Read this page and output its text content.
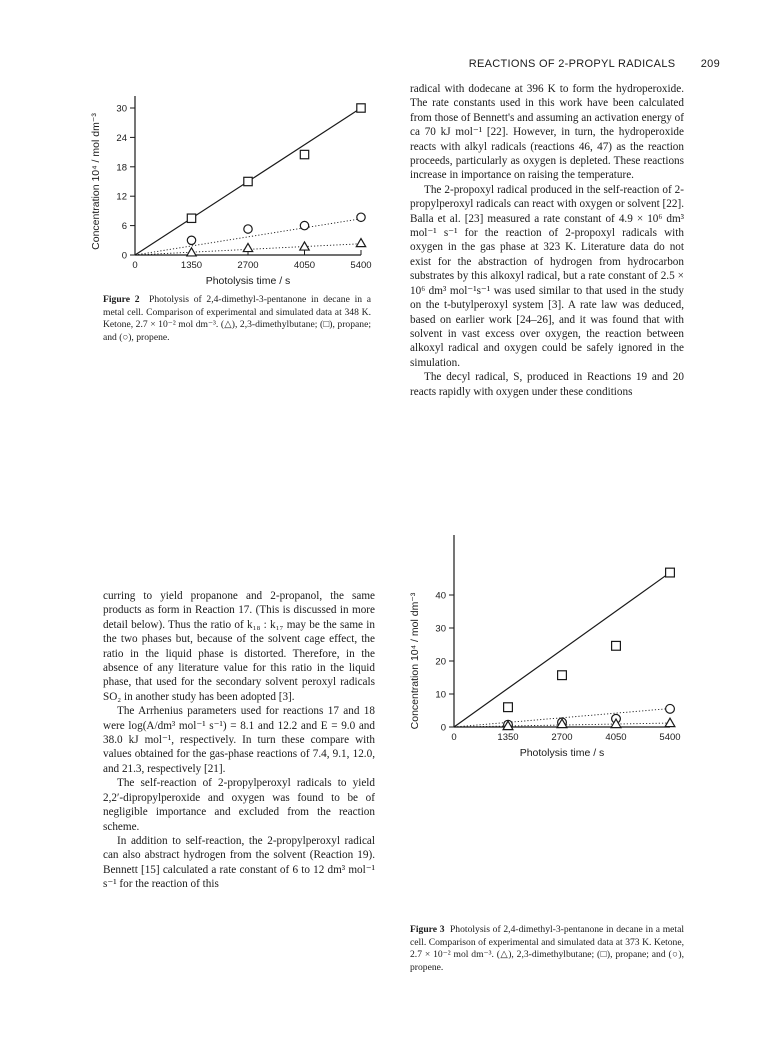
REACTIONS OF 2-PROPYL RADICALS 209
0	1350	2700	4050	5400
0
6
12
18
24
30
Photolysis time / s
Concentration 10⁴ / mol dm⁻³
Figure 2 Photolysis of 2,4-dimethyl-3-pentanone in decane in a metal cell. Comparison of experimental and simulated data at 348 K. Ketone, 2.7 × 10⁻² mol dm⁻³. (△), 2,3-dimethylbutane; (□), propane; and (○), propene.

radical with dodecane at 396 K to form the hydroperoxide. The rate constants used in this work have been calculated from those of Bennett's and assuming an activation energy of ca 70 kJ mol⁻¹ [22]. However, in turn, the hydroperoxide reacts with alkyl radicals (reactions 46, 47) as the reaction proceeds, particularly as oxygen is depleted. These reactions increase in importance on raising the temperature.

The 2-propoxyl radical produced in the self-reaction of 2-propylperoxyl radicals can react with oxygen or solvent [22]. Balla et al. [23] measured a rate constant of 4.9 × 10⁶ dm³ mol⁻¹ s⁻¹ for the reaction of 2-propoxyl radicals with oxygen in the gas phase at 323 K. Literature data do not exist for the abstraction of hydrogen from hydrocarbon substrates by this alkoxyl radical, but a rate constant of 2.5 × 10⁶ dm³ mol⁻¹s⁻¹ was used similar to that used in the study on the t-butylperoxyl system [3]. A rate law was deduced, based on earlier work [24–26], and it was found that with solvent in vast excess over oxygen, the reaction between alkoxyl radical and oxygen could be safely ignored in the simulation.

The decyl radical, S, produced in Reactions 19 and 20 reacts rapidly with oxygen under these conditions

curring to yield propanone and 2-propanol, the same products as form in Reaction 17. (This is discussed in more detail below). Thus the ratio of k₁₈ : k₁₇ may be the same in the two phases but, because of the solvent cage effect, the ratio in the liquid phase is distorted. Therefore, in the absence of any literature value for this ratio in the liquid phase, that used for the secondary solvent peroxyl radicals SO₂ in another study has been adopted [3].

The Arrhenius parameters used for reactions 17 and 18 were log(A/dm³ mol⁻¹ s⁻¹) = 8.1 and 12.2 and E = 9.0 and 38.0 kJ mol⁻¹, respectively. In turn these compare with values obtained for the gas-phase reactions of 7.4, 9.1, 12.0, and 21.3, respectively [21].

The self-reaction of 2-propylperoxyl radicals to yield 2,2′-dipropylperoxide and oxygen was found to be of negligible importance and excluded from the reaction scheme.

In addition to self-reaction, the 2-propylperoxyl radical can also abstract hydrogen from the solvent (Reaction 19). Bennett [15] calculated a rate constant of 6 to 12 dm³ mol⁻¹ s⁻¹ for the reaction of this

0	1350	2700	4050	5400
0
10
20
30
40
Photolysis time / s
Concentration 10⁴ / mol dm⁻³
Figure 3 Photolysis of 2,4-dimethyl-3-pentanone in decane in a metal cell. Comparison of experimental and simulated data at 373 K. Ketone, 2.7 × 10⁻² mol dm⁻³. (△), 2,3-dimethylbutane; (□), propane; and (○), propene.
